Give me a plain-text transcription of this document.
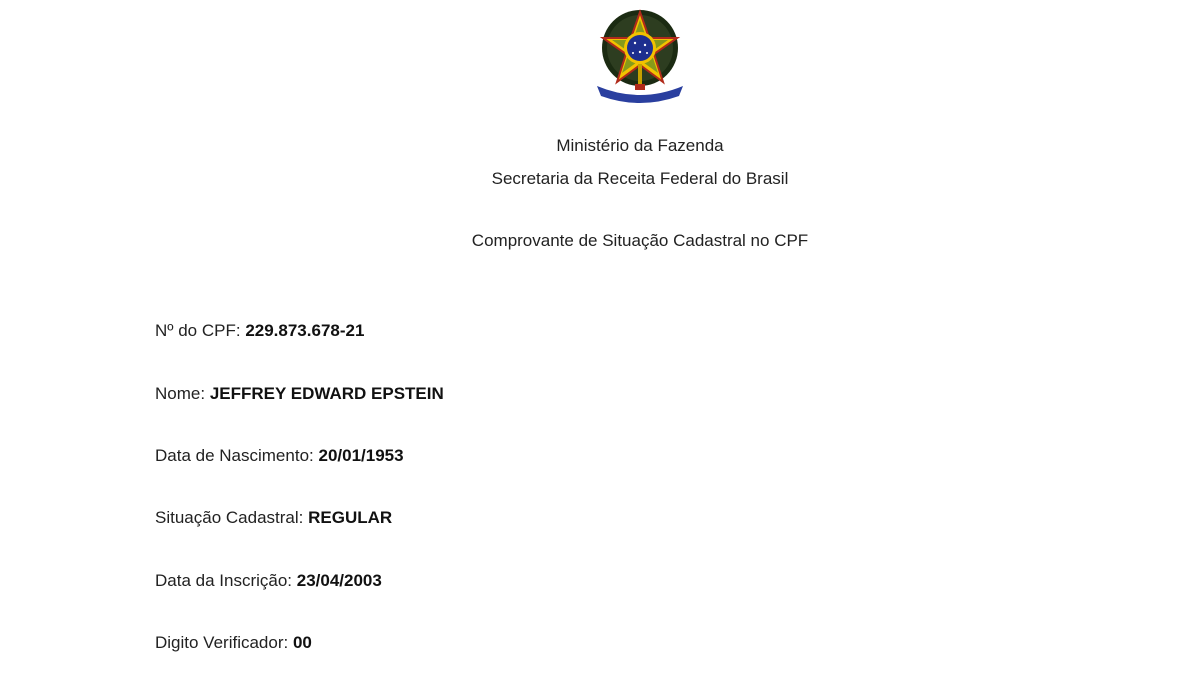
Ministério da Fazenda
Secretaria da Receita Federal do Brasil
Comprovante de Situação Cadastral no CPF
Nº do CPF: 229.873.678-21
Nome: JEFFREY EDWARD EPSTEIN
Data de Nascimento: 20/01/1953
Situação Cadastral: REGULAR
Data da Inscrição: 23/04/2003
Digito Verificador: 00
